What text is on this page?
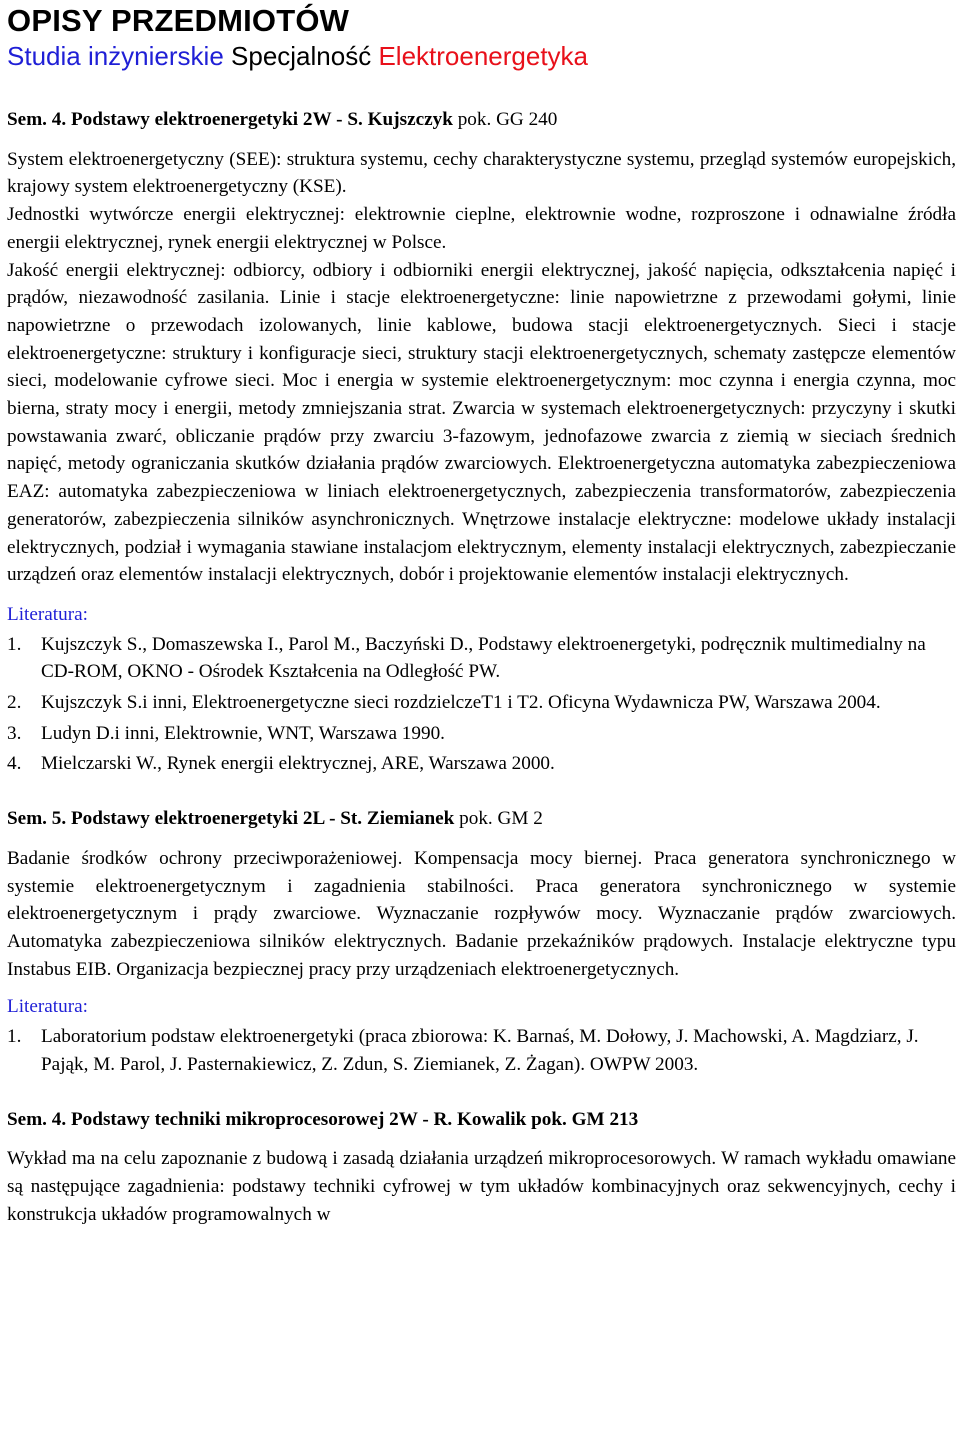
OPISY PRZEDMIOTÓW
Studia inżynierskie Specjalność Elektroenergetyka

Sem. 4. Podstawy elektroenergetyki 2W - S. Kujszczyk pok. GG 240

System elektroenergetyczny (SEE): struktura systemu, cechy charakterystyczne systemu, przegląd systemów europejskich, krajowy system elektroenergetyczny (KSE).

Jednostki wytwórcze energii elektrycznej: elektrownie cieplne, elektrownie wodne, rozproszone i odnawialne źródła energii elektrycznej, rynek energii elektrycznej w Polsce.

Jakość energii elektrycznej: odbiorcy, odbiory i odbiorniki energii elektrycznej, jakość napięcia, odkształcenia napięć i prądów, niezawodność zasilania. Linie i stacje elektroenergetyczne: linie napowietrzne z przewodami gołymi, linie napowietrzne o przewodach izolowanych, linie kablowe, budowa stacji elektroenergetycznych. Sieci i stacje elektroenergetyczne: struktury i konfiguracje sieci, struktury stacji elektroenergetycznych, schematy zastępcze elementów sieci, modelowanie cyfrowe sieci. Moc i energia w systemie elektroenergetycznym: moc czynna i energia czynna, moc bierna, straty mocy i energii, metody zmniejszania strat. Zwarcia w systemach elektroenergetycznych: przyczyny i skutki powstawania zwarć, obliczanie prądów przy zwarciu 3-fazowym, jednofazowe zwarcia z ziemią w sieciach średnich napięć, metody ograniczania skutków działania prądów zwarciowych. Elektroenergetyczna automatyka zabezpieczeniowa EAZ: automatyka zabezpieczeniowa w liniach elektroenergetycznych, zabezpieczenia transformatorów, zabezpieczenia generatorów, zabezpieczenia silników asynchronicznych. Wnętrzowe instalacje elektryczne: modelowe układy instalacji elektrycznych, podział i wymagania stawiane instalacjom elektrycznym, elementy instalacji elektrycznych, zabezpieczanie urządzeń oraz elementów instalacji elektrycznych, dobór i projektowanie elementów instalacji elektrycznych.

Literatura:

1. Kujszczyk S., Domaszewska I., Parol M., Baczyński D., Podstawy elektroenergetyki, podręcznik multimedialny na CD-ROM, OKNO - Ośrodek Kształcenia na Odległość PW.
2. Kujszczyk S.i inni, Elektroenergetyczne sieci rozdzielczeT1 i T2. Oficyna Wydawnicza PW, Warszawa 2004.
3. Ludyn D.i inni, Elektrownie, WNT, Warszawa 1990.
4. Mielczarski W., Rynek energii elektrycznej, ARE, Warszawa 2000.

Sem. 5. Podstawy elektroenergetyki 2L - St. Ziemianek pok. GM 2

Badanie środków ochrony przeciwporażeniowej. Kompensacja mocy biernej. Praca generatora synchronicznego w systemie elektroenergetycznym i zagadnienia stabilności. Praca generatora synchronicznego w systemie elektroenergetycznym i prądy zwarciowe. Wyznaczanie rozpływów mocy. Wyznaczanie prądów zwarciowych. Automatyka zabezpieczeniowa silników elektrycznych. Badanie przekaźników prądowych. Instalacje elektryczne typu Instabus EIB. Organizacja bezpiecznej pracy przy urządzeniach elektroenergetycznych.

Literatura:

1. Laboratorium podstaw elektroenergetyki (praca zbiorowa: K. Barnaś, M. Dołowy, J. Machowski, A. Magdziarz, J. Pająk, M. Parol, J. Pasternakiewicz, Z. Zdun, S. Ziemianek, Z. Żagan). OWPW 2003.

Sem. 4. Podstawy techniki mikroprocesorowej 2W - R. Kowalik pok. GM 213

Wykład ma na celu zapoznanie z budową i zasadą działania urządzeń mikroprocesorowych. W ramach wykładu omawiane są następujące zagadnienia: podstawy techniki cyfrowej w tym układów kombinacyjnych oraz sekwencyjnych, cechy i konstrukcja układów programowalnych w
